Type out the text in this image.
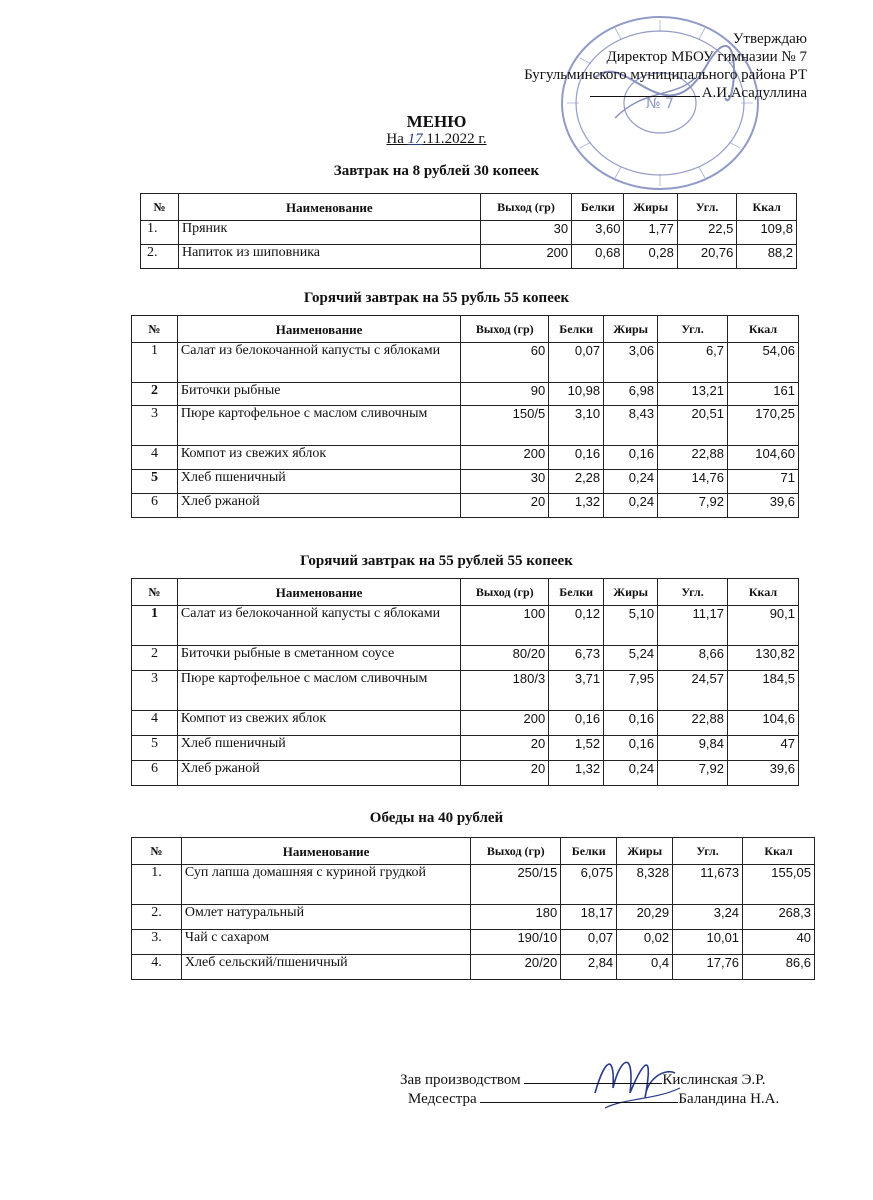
№ 7
Утверждаю
Директор МБОУ гимназии № 7
Бугульминского муниципального района РТ
А.И.Асадуллина
МЕНЮ
На 17.11.2022 г.
Завтрак на 8 рублей 30 копеек
№	Наименование	Выход (гр)	Белки	Жиры	Угл.	Ккал
1.	Пряник	30	3,60	1,77	22,5	109,8
2.	Напиток из шиповника	200	0,68	0,28	20,76	88,2
Горячий завтрак на 55 рубль 55 копеек
№	Наименование	Выход (гр)	Белки	Жиры	Угл.	Ккал
1	Салат из белокочанной капусты с яблоками	60	0,07	3,06	6,7	54,06
2	Биточки рыбные	90	10,98	6,98	13,21	161
3	Пюре картофельное с маслом сливочным	150/5	3,10	8,43	20,51	170,25
4	Компот из свежих яблок	200	0,16	0,16	22,88	104,60
5	Хлеб пшеничный	30	2,28	0,24	14,76	71
6	Хлеб ржаной	20	1,32	0,24	7,92	39,6
Горячий завтрак на 55 рублей 55 копеек
№	Наименование	Выход (гр)	Белки	Жиры	Угл.	Ккал
1	Салат из белокочанной капусты с яблоками	100	0,12	5,10	11,17	90,1
2	Биточки рыбные в сметанном соусе	80/20	6,73	5,24	8,66	130,82
3	Пюре картофельное с маслом сливочным	180/3	3,71	7,95	24,57	184,5
4	Компот из свежих яблок	200	0,16	0,16	22,88	104,6
5	Хлеб пшеничный	20	1,52	0,16	9,84	47
6	Хлеб ржаной	20	1,32	0,24	7,92	39,6
Обеды на 40 рублей
№	Наименование	Выход (гр)	Белки	Жиры	Угл.	Ккал
1.	Суп лапша домашняя с куриной грудкой	250/15	6,075	8,328	11,673	155,05
2.	Омлет натуральный	180	18,17	20,29	3,24	268,3
3.	Чай с сахаром	190/10	0,07	0,02	10,01	40
4.	Хлеб сельский/пшеничный	20/20	2,84	0,4	17,76	86,6
Зав производством	Кислинская Э.Р.
Медсестра	Баландина Н.А.
